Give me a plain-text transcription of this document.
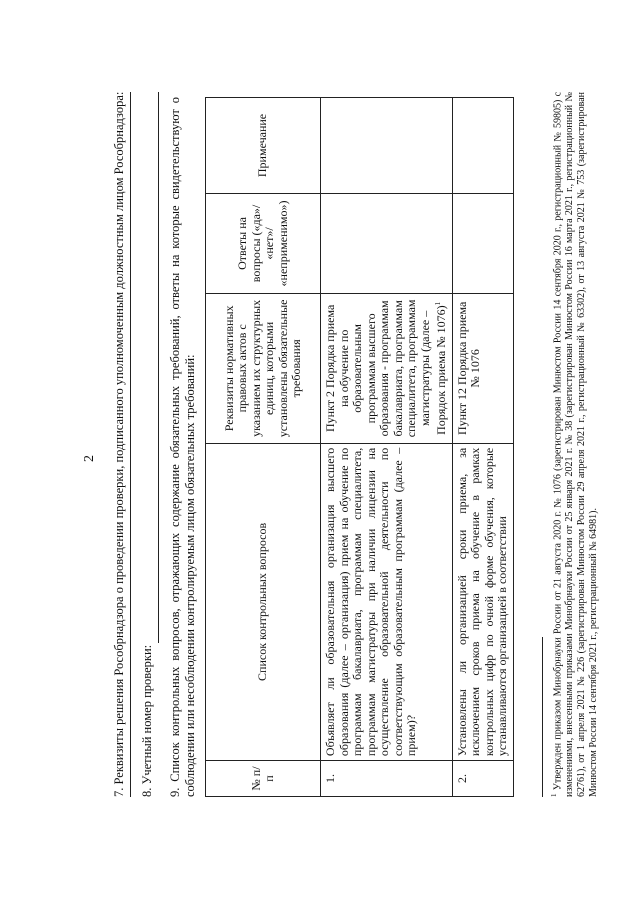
2 7. Реквизиты решения Рособрнадзора о проведении проверки, подписанного уполномоченным должностным лицом Рособрнадзора: 8. Учетный номер проверки: 9. Список контрольных вопросов, отражающих содержание обязательных требований, ответы на которые свидетельствуют о соблюдении или несоблюдении контролируемым лицом обязательных требований:	№ п/п	Список контрольных вопросов	Реквизиты нормативных правовых актов с указанием их структурных единиц, которыми установлены обязательные требования	Ответы на вопросы («да»/ «нет»/ «неприменимо»)	Примечание
1.	Объявляет ли образовательная организация высшего образования (далее – организация) прием на обучение по программам бакалавриата, программам специалитета, программам магистратуры при наличии лицензии на осуществление образовательной деятельности по соответствующим образовательным программам (далее – прием)?	Пункт 2 Порядка приема на обучение по образовательным программам высшего образования - программам бакалавриата, программам специалитета, программам магистратуры (далее – Порядок приема № 1076)$^1$		
2.	Установлены ли организацией сроки приема, за исключением сроков приема на обучение в рамках контрольных цифр по очной форме обучения, которые устанавливаются организацией в соответствии	Пункт 12 Порядка приема № 1076		
$^1$ Утвержден приказом Минобрнауки России от 21 августа 2020 г. № 1076 (зарегистрирован Минюстом России 14 сентября 2020 г., регистрационный № 59805) с изменениями, внесенными приказами Минобрнауки России от 25 января 2021 г. № 38 (зарегистрирован Минюстом России 16 марта 2021 г., регистрационный № 62761), от 1 апреля 2021 № 226 (зарегистрирован Минюстом России 29 апреля 2021 г., регистрационный № 63302), от 13 августа 2021 № 753 (зарегистрирован Минюстом России 14 сентября 2021 г., регистрационный № 64981).
